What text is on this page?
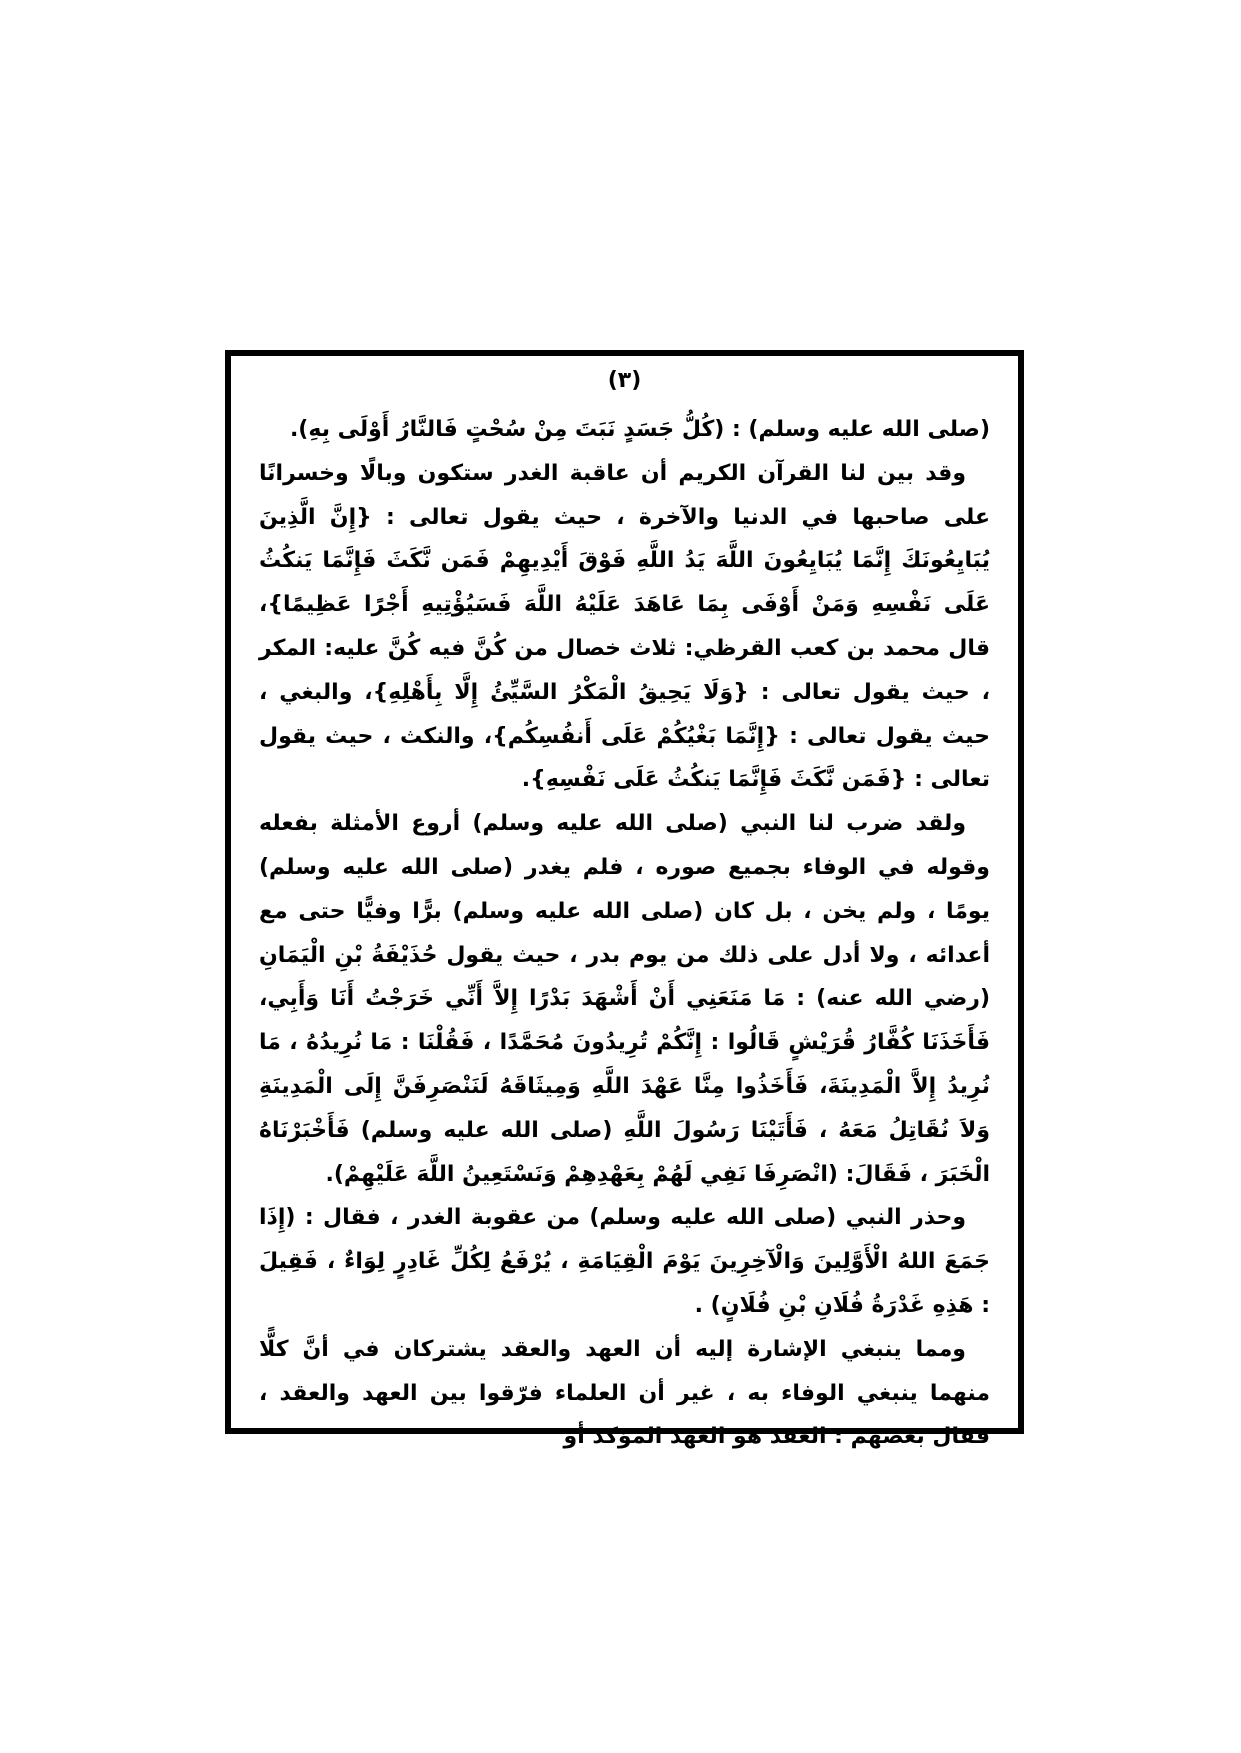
(٣)

(صلى الله عليه وسلم) : (كُلُّ جَسَدٍ نَبَتَ مِنْ سُحْتٍ فَالنَّارُ أَوْلَى بِهِ).

وقد بين لنا القرآن الكريم أن عاقبة الغدر ستكون وبالًا وخسرانًا على صاحبها في الدنيا والآخرة ، حيث يقول تعالى : {إِنَّ الَّذِينَ يُبَايِعُونَكَ إِنَّمَا يُبَايِعُونَ اللَّهَ يَدُ اللَّهِ فَوْقَ أَيْدِيهِمْ فَمَن نَّكَثَ فَإِنَّمَا يَنكُثُ عَلَى نَفْسِهِ وَمَنْ أَوْفَى بِمَا عَاهَدَ عَلَيْهُ اللَّهَ فَسَيُؤْتِيهِ أَجْرًا عَظِيمًا}، قال محمد بن كعب القرظي: ثلاث خصال من كُنَّ فيه كُنَّ عليه: المكر ، حيث يقول تعالى : {وَلَا يَحِيقُ الْمَكْرُ السَّيِّئُ إِلَّا بِأَهْلِهِ}، والبغي ، حيث يقول تعالى : {إِنَّمَا بَغْيُكُمْ عَلَى أَنفُسِكُم}، والنكث ، حيث يقول تعالى : {فَمَن نَّكَثَ فَإِنَّمَا يَنكُثُ عَلَى نَفْسِهِ}.

ولقد ضرب لنا النبي (صلى الله عليه وسلم) أروع الأمثلة بفعله وقوله في الوفاء بجميع صوره ، فلم يغدر (صلى الله عليه وسلم) يومًا ، ولم يخن ، بل كان (صلى الله عليه وسلم) برًّا وفيًّا حتى مع أعدائه ، ولا أدل على ذلك من يوم بدر ، حيث يقول حُذَيْفَةُ بْنِ الْيَمَانِ (رضي الله عنه) : مَا مَنَعَنِي أَنْ أَشْهَدَ بَدْرًا إِلاَّ أَنِّي خَرَجْتُ أَنَا وَأَبِي، فَأَخَذَنَا كُفَّارُ قُرَيْشٍ قَالُوا : إِنَّكُمْ تُرِيدُونَ مُحَمَّدًا ، فَقُلْنَا : مَا نُرِيدُهُ ، مَا نُرِيدُ إِلاَّ الْمَدِينَةَ، فَأَخَذُوا مِنَّا عَهْدَ اللَّهِ وَمِيثَاقَهُ لَنَنْصَرِفَنَّ إِلَى الْمَدِينَةِ وَلاَ نُقَاتِلُ مَعَهُ ، فَأَتَيْنَا رَسُولَ اللَّهِ (صلى الله عليه وسلم) فَأَخْبَرْنَاهُ الْخَبَرَ ، فَقَالَ: (انْصَرِفَا نَفِي لَهُمْ بِعَهْدِهِمْ وَنَسْتَعِينُ اللَّهَ عَلَيْهِمْ).

وحذر النبي (صلى الله عليه وسلم) من عقوبة الغدر ، فقال : (إِذَا جَمَعَ اللهُ الْأَوَّلِينَ وَالْآخِرِينَ يَوْمَ الْقِيَامَةِ ، يُرْفَعُ لِكُلِّ غَادِرٍ لِوَاءٌ ، فَقِيلَ : هَذِهِ غَدْرَةُ فُلَانِ بْنِ فُلَانٍ) .

ومما ينبغي الإشارة إليه أن العهد والعقد يشتركان في أنَّ كلًّا منهما ينبغي الوفاء به ، غير أن العلماء فرّقوا بين العهد والعقد ، فقال بعضهم : العقد هو العهد المؤكد أو
